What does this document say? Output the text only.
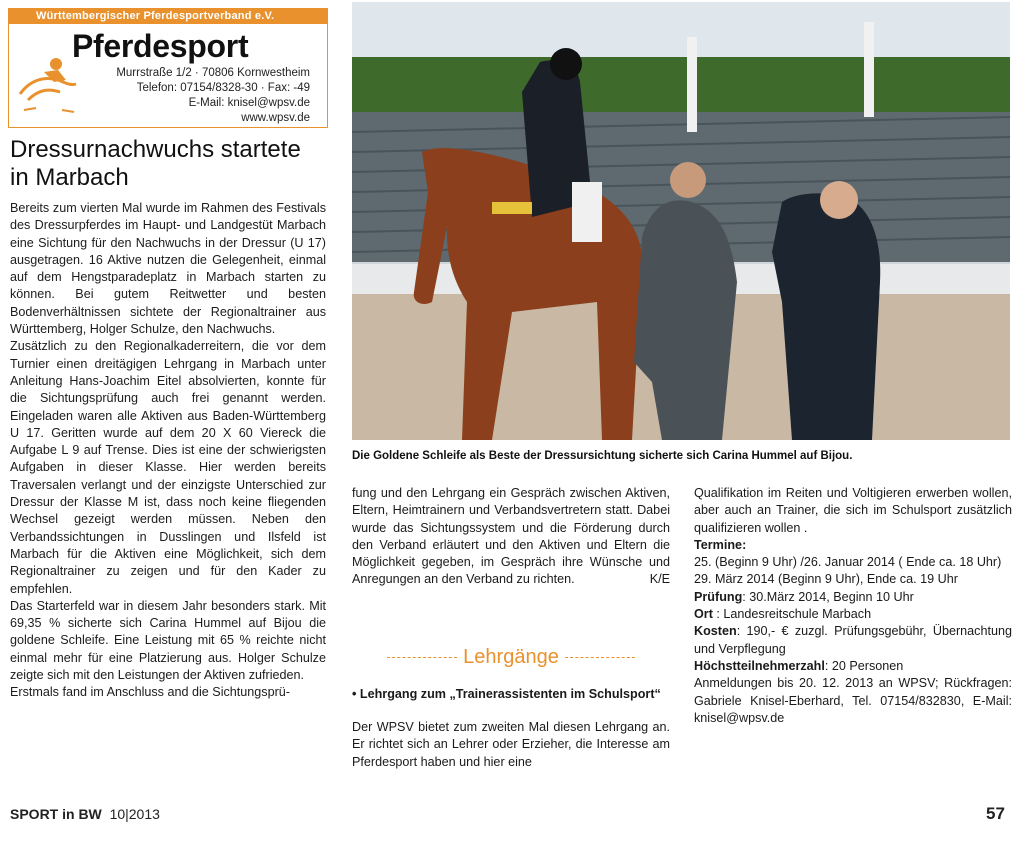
Württembergischer Pferdesportverband e.V.
Pferdesport
Murrstraße 1/2 · 70806 Kornwestheim
Telefon: 07154/8328-30 · Fax: -49
E-Mail: knisel@wpsv.de
www.wpsv.de
Dressurnachwuchs startete in Marbach

Bereits zum vierten Mal wurde im Rahmen des Festivals des Dressurpferdes im Haupt- und Landgestüt Marbach eine Sichtung für den Nachwuchs in der Dressur (U 17) ausgetragen. 16 Aktive nutzen die Gelegenheit, einmal auf dem Hengstparadeplatz in Marbach starten zu können. Bei gutem Reitwetter und besten Bodenverhältnissen sichtete der Regionaltrainer aus Württemberg, Holger Schulze, den Nachwuchs.

Zusätzlich zu den Regionalkaderreitern, die vor dem Turnier einen dreitägigen Lehrgang in Marbach unter Anleitung Hans-Joachim Eitel absolvierten, konnte für die Sichtungsprüfung auch frei genannt werden. Eingeladen waren alle Aktiven aus Baden-Württemberg U 17. Geritten wurde auf dem 20 X 60 Viereck die Aufgabe L 9 auf Trense. Dies ist eine der schwierigsten Aufgaben in dieser Klasse. Hier werden bereits Traversalen verlangt und der einzigste Unterschied zur Dressur der Klasse M ist, dass noch keine fliegenden Wechsel gezeigt werden müssen. Neben den Verbandssichtungen in Dusslingen und Ilsfeld ist Marbach für die Aktiven eine Möglichkeit, sich dem Regionaltrainer zu zeigen und für den Kader zu empfehlen.

Das Starterfeld war in diesem Jahr besonders stark. Mit 69,35 % sicherte sich Carina Hummel auf Bijou die goldene Schleife. Eine Leistung mit 65 % reichte nicht einmal mehr für eine Platzierung aus. Holger Schulze zeigte sich mit den Leistungen der Aktiven zufrieden.

Erstmals fand im Anschluss and die Sichtungsprü-

Die Goldene Schleife als Beste der Dressursichtung sicherte sich Carina Hummel auf Bijou.
fung und den Lehrgang ein Gespräch zwischen Aktiven, Eltern, Heimtrainern und Verbandsvertretern statt. Dabei wurde das Sichtungssystem und die Förderung durch den Verband erläutert und den Aktiven und Eltern die Möglichkeit gegeben, im Gespräch ihre Wünsche und Anregungen an den Verband zu richten.	K/E
Lehrgänge
• Lehrgang zum „Trainerassistenten im Schulsport“
Der WPSV bietet zum zweiten Mal diesen Lehrgang an. Er richtet sich an Lehrer oder Erzieher, die Interesse am Pferdesport haben und hier eine

Qualifikation im Reiten und Voltigieren erwerben wollen, aber auch an Trainer, die sich im Schulsport zusätzlich qualifizieren wollen .

Termine:

25. (Beginn 9 Uhr) /26. Januar 2014 ( Ende ca. 18 Uhr)

29. März 2014 (Beginn 9 Uhr), Ende ca. 19 Uhr

Prüfung: 30.März 2014, Beginn 10 Uhr

Ort : Landesreitschule Marbach

Kosten: 190,- € zuzgl. Prüfungsgebühr, Übernachtung und Verpflegung

Höchstteilnehmerzahl: 20 Personen

Anmeldungen bis 20. 12. 2013 an WPSV; Rückfragen: Gabriele Knisel-Eberhard, Tel. 07154/832830, E-Mail: knisel@wpsv.de

SPORT in BW 10|2013	57
